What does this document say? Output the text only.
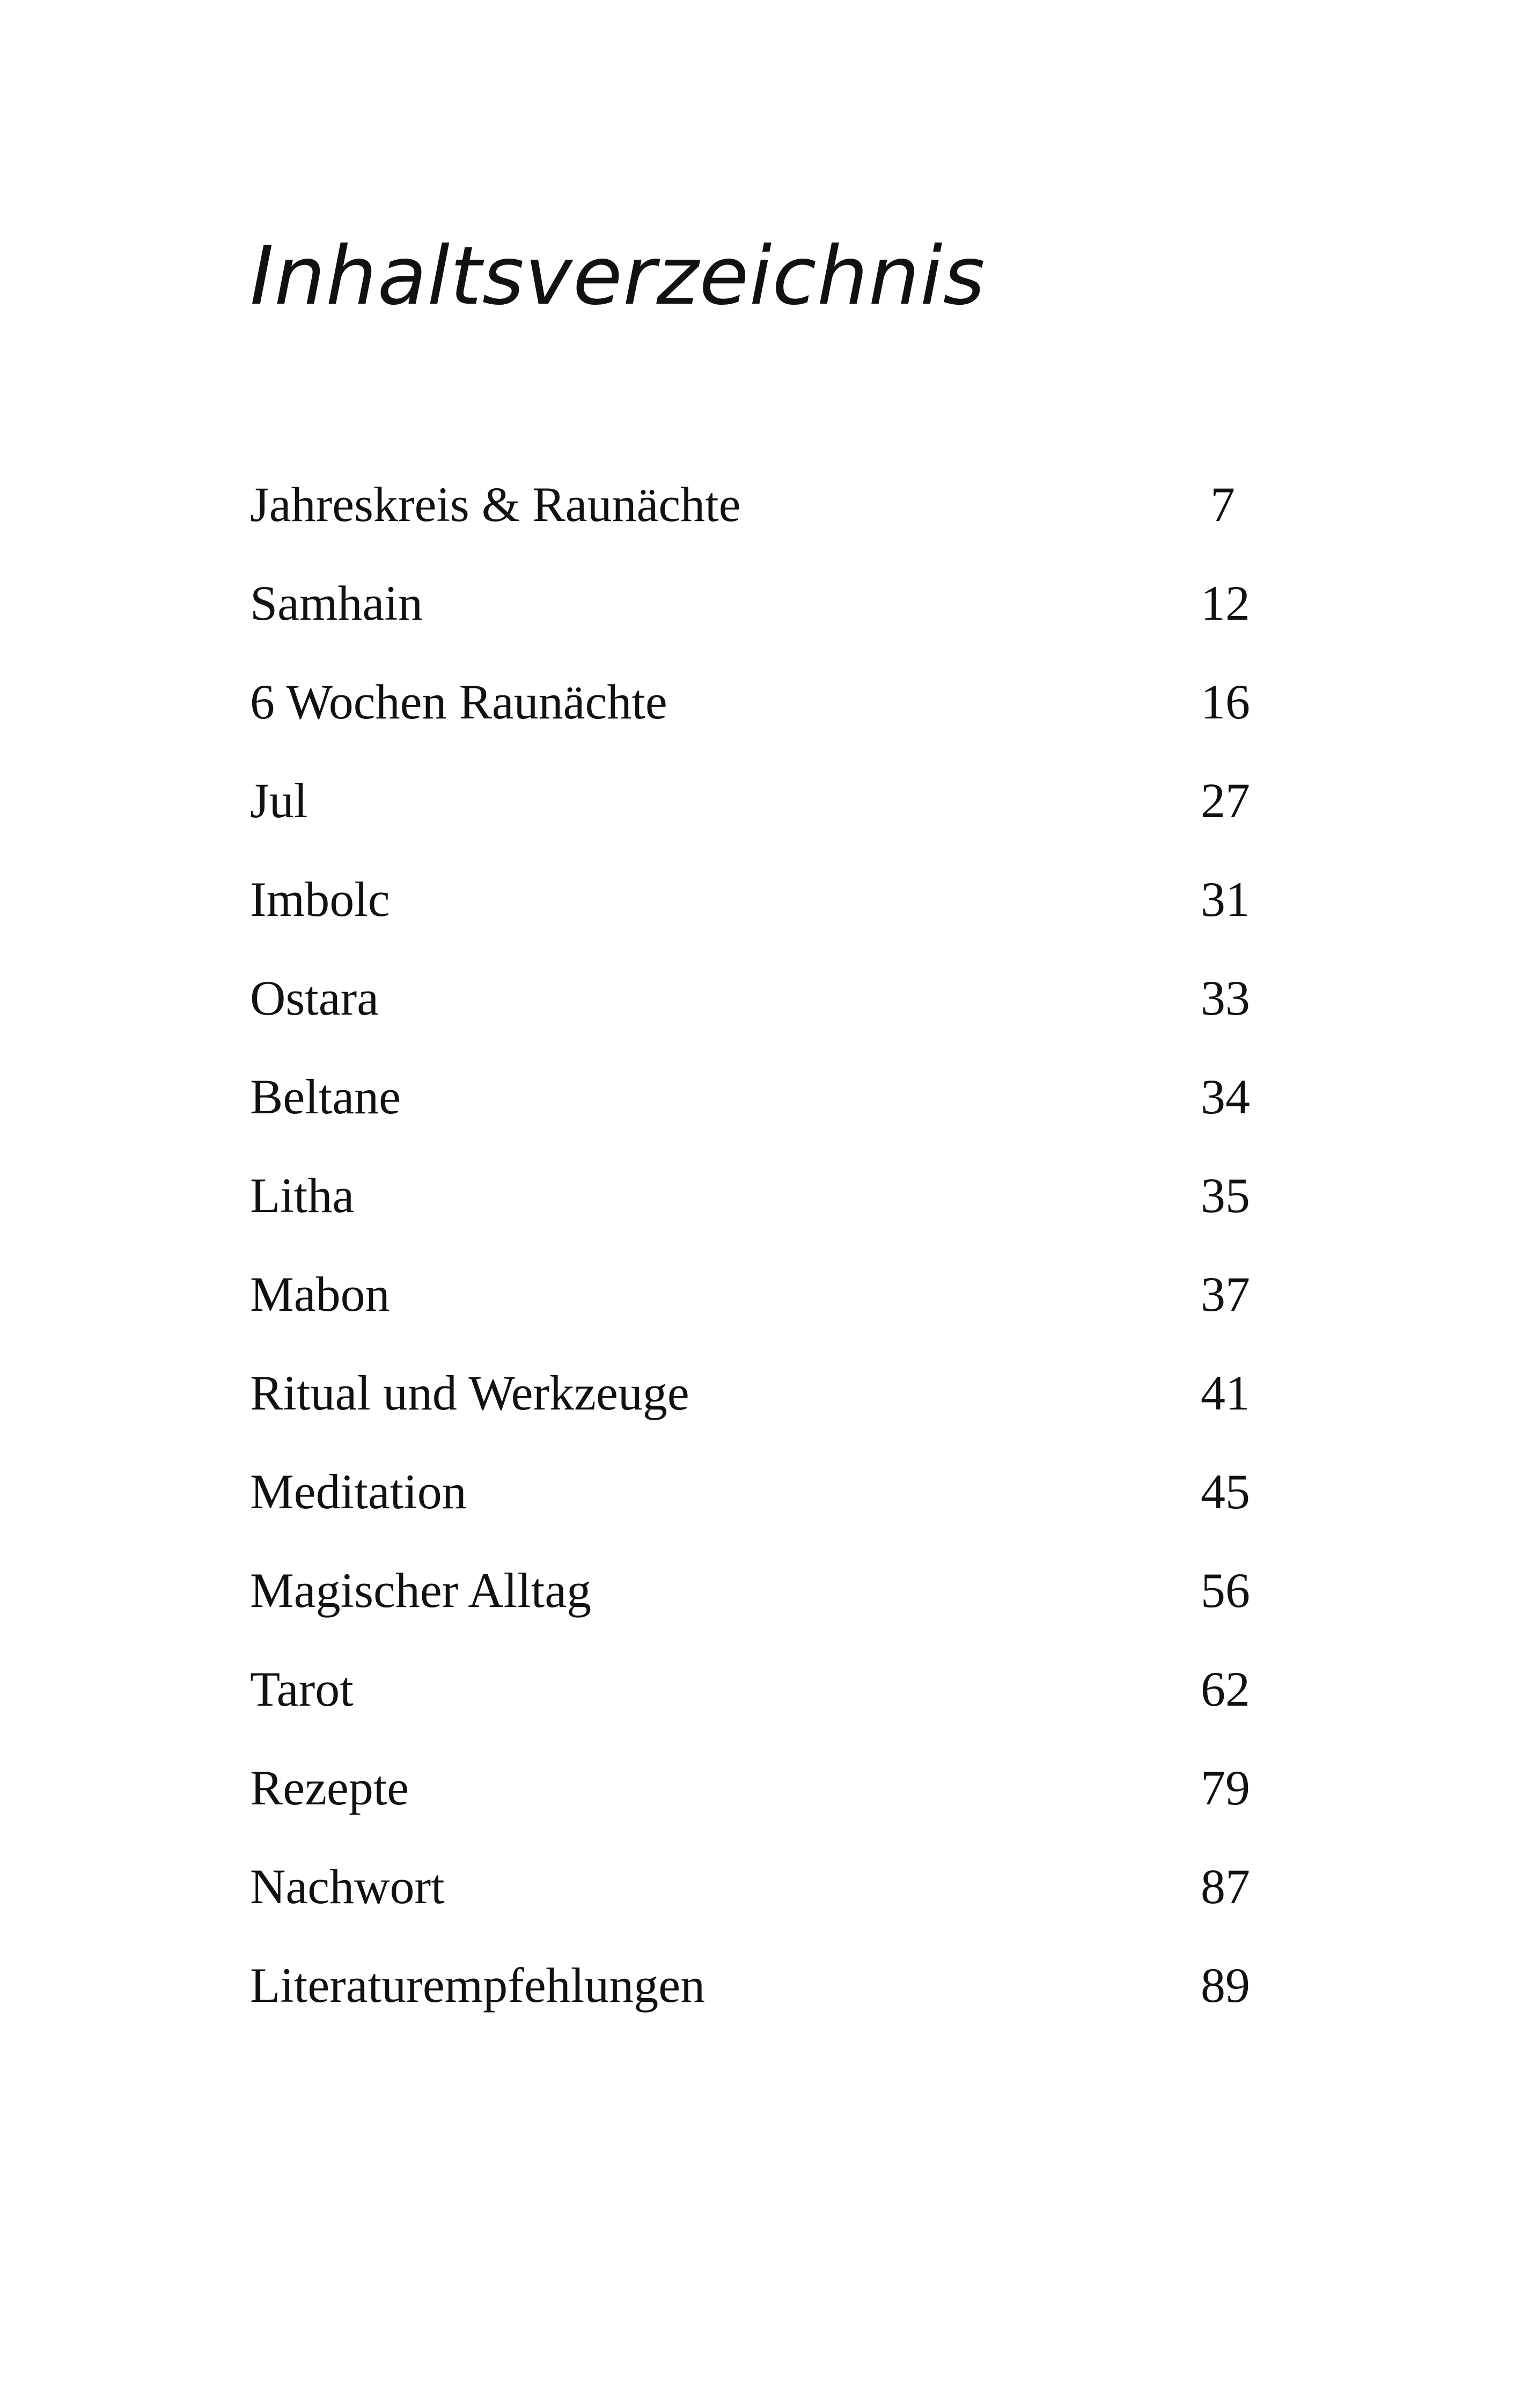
Inhaltsverzeichnis
Jahreskreis & Raunächte	7
Samhain	12
6 Wochen Raunächte	16
Jul	27
Imbolc	31
Ostara	33
Beltane	34
Litha	35
Mabon	37
Ritual und Werkzeuge	41
Meditation	45
Magischer Alltag	56
Tarot	62
Rezepte	79
Nachwort	87
Literaturempfehlungen	89
